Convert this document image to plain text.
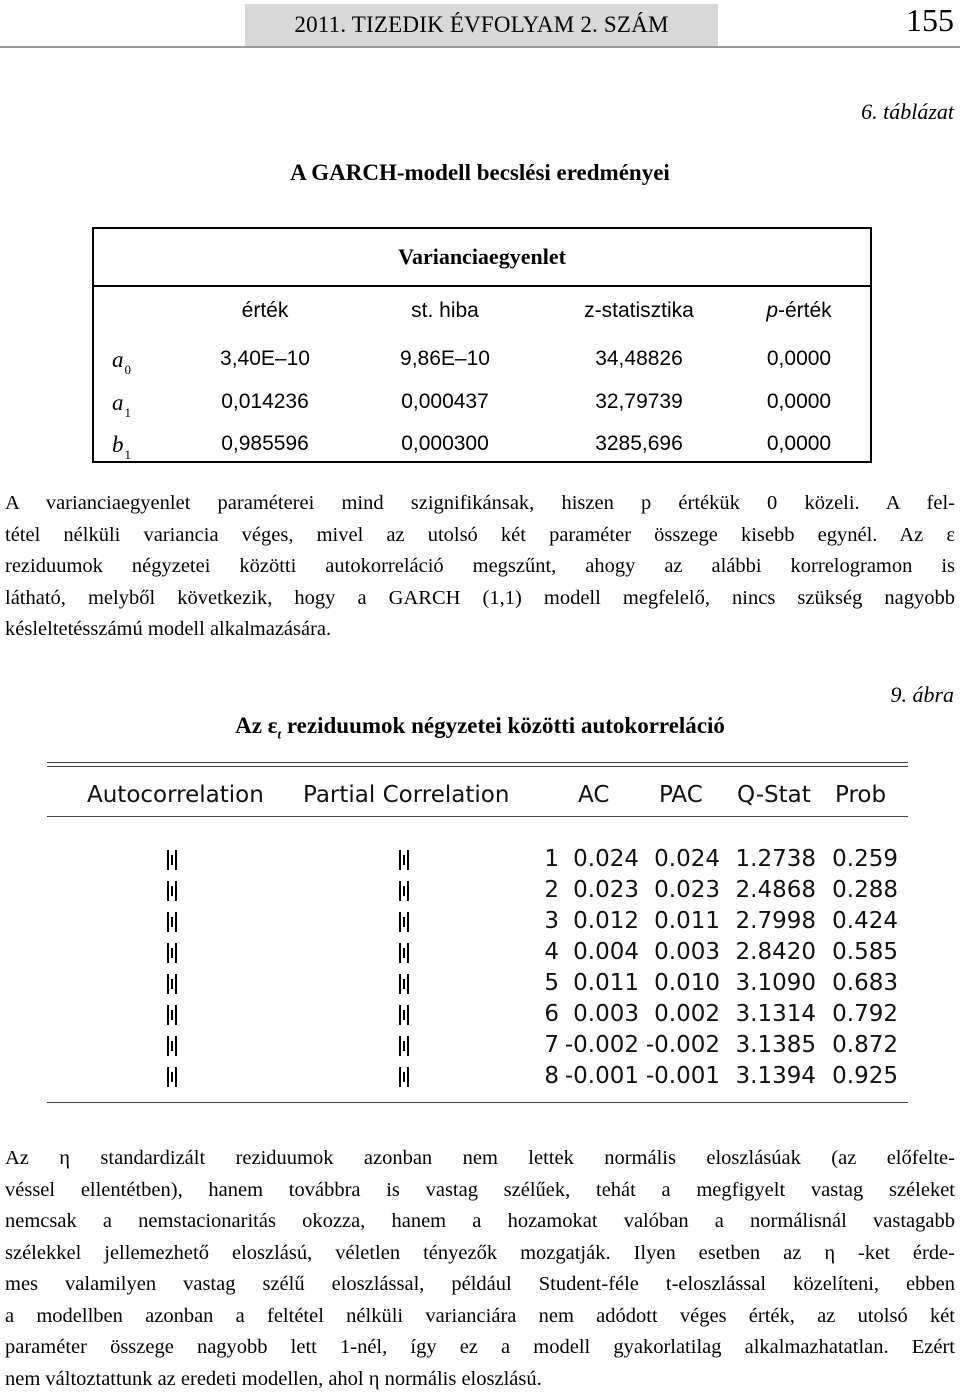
2011. TIZEDIK ÉVFOLYAM 2. SZÁM	155
6. táblázat
A GARCH-modell becslési eredményei
Varianciaegyenlet
érték	st. hiba	z-statisztika	p-érték
$a_0$	3,40E–10	9,86E–10	34,48826	0,0000
$a_1$	0,014236	0,000437	32,79739	0,0000
$b_1$	0,985596	0,000300	3285,696	0,0000
A varianciaegyenlet paraméterei mind szignifikánsak, hiszen p értékük 0 közeli. A fel-
tétel nélküli variancia véges, mivel az utolsó két paraméter összege kisebb egynél. Az ε
reziduumok négyzetei közötti autokorreláció megszűnt, ahogy az alábbi korrelogramon is
látható, melyből következik, hogy a GARCH (1,1) modell megfelelő, nincs szükség nagyobb
késleltetésszámú modell alkalmazására.
9. ábra
Az $\varepsilon_t$ reziduumok négyzetei közötti autokorreláció
Autocorrelation Partial Correlation	AC PAC Q-Stat Prob
1 0.024 0.024 1.2738 0.259
2 0.023 0.023 2.4868 0.288
3 0.012 0.011 2.7998 0.424
4 0.004 0.003 2.8420 0.585
5 0.011 0.010 3.1090 0.683
6 0.003 0.002 3.1314 0.792
7 -0.002 -0.002 3.1385 0.872
8 -0.001 -0.001 3.1394 0.925
Az η standardizált reziduumok azonban nem lettek normális eloszlásúak (az előfelte-
véssel ellentétben), hanem továbbra is vastag szélűek, tehát a megfigyelt vastag széleket
nemcsak a nemstacionaritás okozza, hanem a hozamokat valóban a normálisnál vastagabb
szélekkel jellemezhető eloszlású, véletlen tényezők mozgatják. Ilyen esetben az η -ket érde-
mes valamilyen vastag szélű eloszlással, például Student-féle t-eloszlással közelíteni, ebben
a modellben azonban a feltétel nélküli varianciára nem adódott véges érték, az utolsó két
paraméter összege nagyobb lett 1-nél, így ez a modell gyakorlatilag alkalmazhatatlan. Ezért
nem változtattunk az eredeti modellen, ahol η normális eloszlású.
